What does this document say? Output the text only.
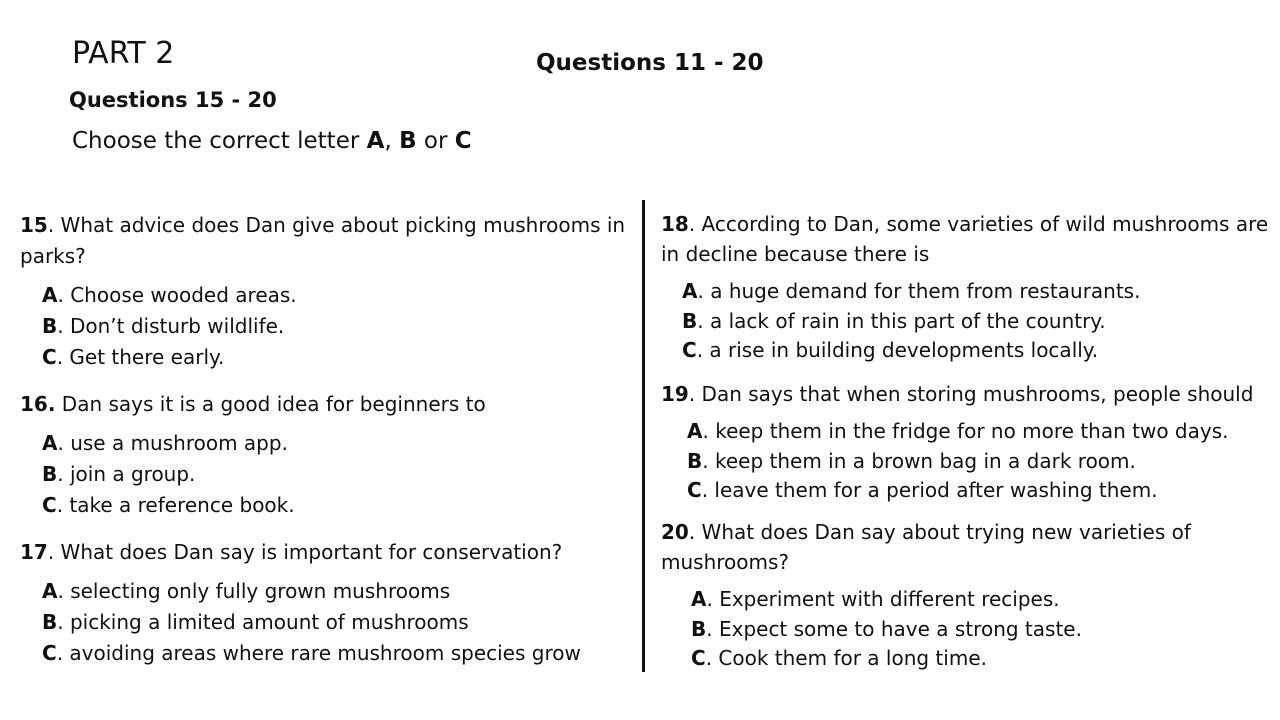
PART 2	Questions 11 - 20
Questions 15 - 20

Choose the correct letter A, B or C

15. What advice does Dan give about picking mushrooms in parks?

A. Choose wooded areas.
B. Don’t disturb wildlife.
C. Get there early.

16. Dan says it is a good idea for beginners to

A. use a mushroom app.
B. join a group.
C. take a reference book.

17. What does Dan say is important for conservation?

A. selecting only fully grown mushrooms
B. picking a limited amount of mushrooms
C. avoiding areas where rare mushroom species grow

18. According to Dan, some varieties of wild mushrooms are in decline because there is

A. a huge demand for them from restaurants.
B. a lack of rain in this part of the country.
C. a rise in building developments locally.

19. Dan says that when storing mushrooms, people should

A. keep them in the fridge for no more than two days.
B. keep them in a brown bag in a dark room.
C. leave them for a period after washing them.

20. What does Dan say about trying new varieties of mushrooms?

A. Experiment with different recipes.
B. Expect some to have a strong taste.
C. Cook them for a long time.
